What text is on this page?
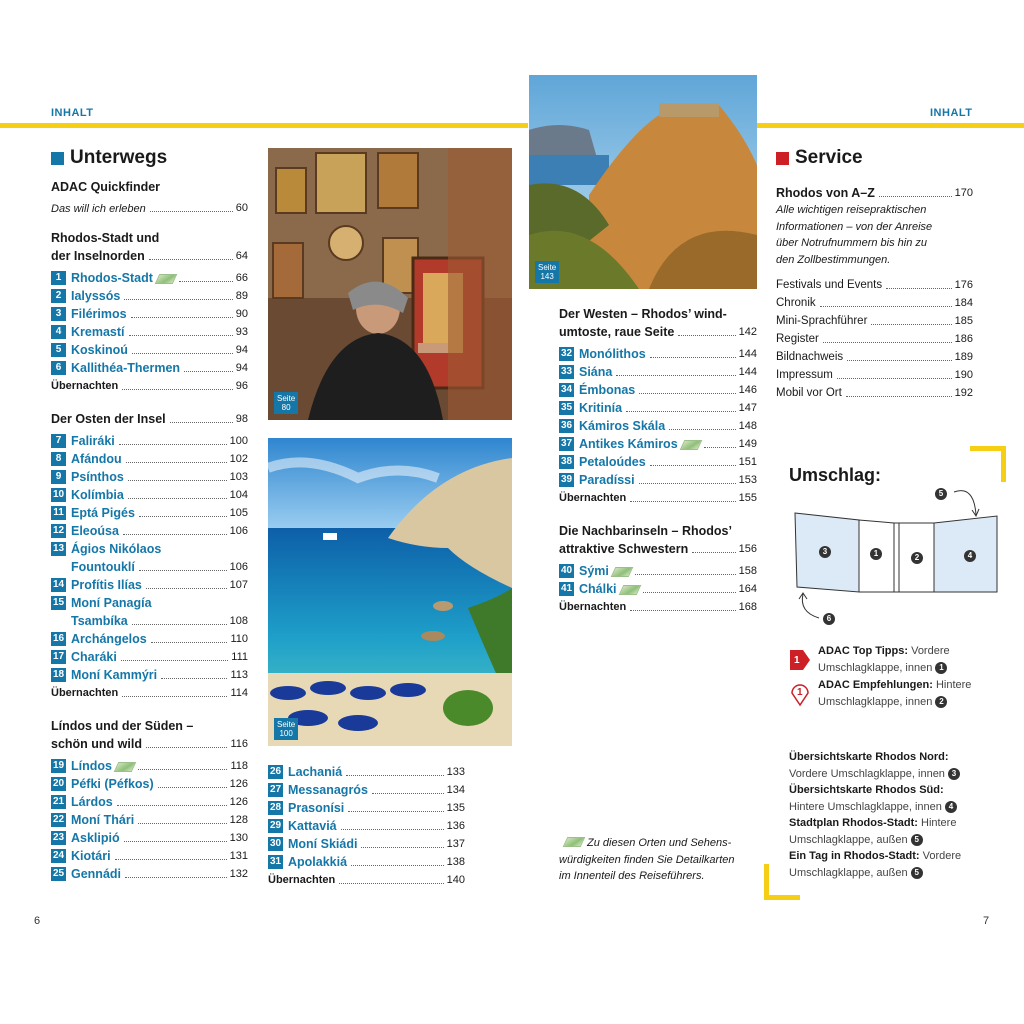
INHALT	INHALT
Unterwegs
ADAC Quickfinder
Das will ich erleben	60
Rhodos-Stadt und
der Inselnorden	64
1 Rhodos-Stadt	66
2 Ialyssós	89
3 Filérimos	90
4 Kremastí	93
5 Koskinoú	94
6 Kallithéa-Thermen	94
Übernachten	96
Der Osten der Insel	98
7 Faliráki	100
8 Afándou	102
9 Psínthos	103
10 Kolímbia	104
11 Eptá Pigés	105
12 Eleoúsa	106
13 Ágios Nikólaos
Fountouklí	106
14 Profítis Ilías	107
15 Moní Panagía
Tsambíka	108
16 Archángelos	110
17 Charáki	111
18 Moní Kammýri	113
Übernachten	114
Líndos und der Süden –
schön und wild	116
19 Líndos	118
20 Péfki (Péfkos)	126
21 Lárdos	126
22 Moní Thári	128
23 Asklipió	130
24 Kiotári	131
25 Gennádi	132
Seite
80
Seite
100
26 Lachaniá	133
27 Messanagrós	134
28 Prasonísi	135
29 Kattaviá	136
30 Moní Skiádi	137
31 Apolakkiá	138
Übernachten	140
Seite
143
Der Westen – Rhodos’ wind-
umtoste, raue Seite	142
32 Monólithos	144
33 Siána	144
34 Émbonas	146
35 Kritinía	147
36 Kámiros Skála	148
37 Antikes Kámiros	149
38 Petaloúdes	151
39 Paradíssi	153
Übernachten	155
Die Nachbarinseln – Rhodos’
attraktive Schwestern	156
40 Sými	158
41 Chálki	164
Übernachten	168
Zu diesen Orten und Sehens-
würdigkeiten finden Sie Detailkarten
im Innenteil des Reiseführers.
Service
Rhodos von A–Z	170
Alle wichtigen reisepraktischen
Informationen – von der Anreise
über Notrufnummern bis hin zu
den Zollbestimmungen.
Festivals und Events	176
Chronik	184
Mini-Sprachführer	185
Register	186
Bildnachweis	189
Impressum	190
Mobil vor Ort	192
Umschlag:
3	1	2	4
5
6
1
ADAC Top Tipps: Vordere
Umschlagklappe, innen 1
1
ADAC Empfehlungen: Hintere
Umschlagklappe, innen 2
Übersichtskarte Rhodos Nord:
Vordere Umschlagklappe, innen 3
Übersichtskarte Rhodos Süd:
Hintere Umschlagklappe, innen 4
Stadtplan Rhodos-Stadt: Hintere
Umschlagklappe, außen 5
Ein Tag in Rhodos-Stadt: Vordere
Umschlagklappe, außen 5
6	7
